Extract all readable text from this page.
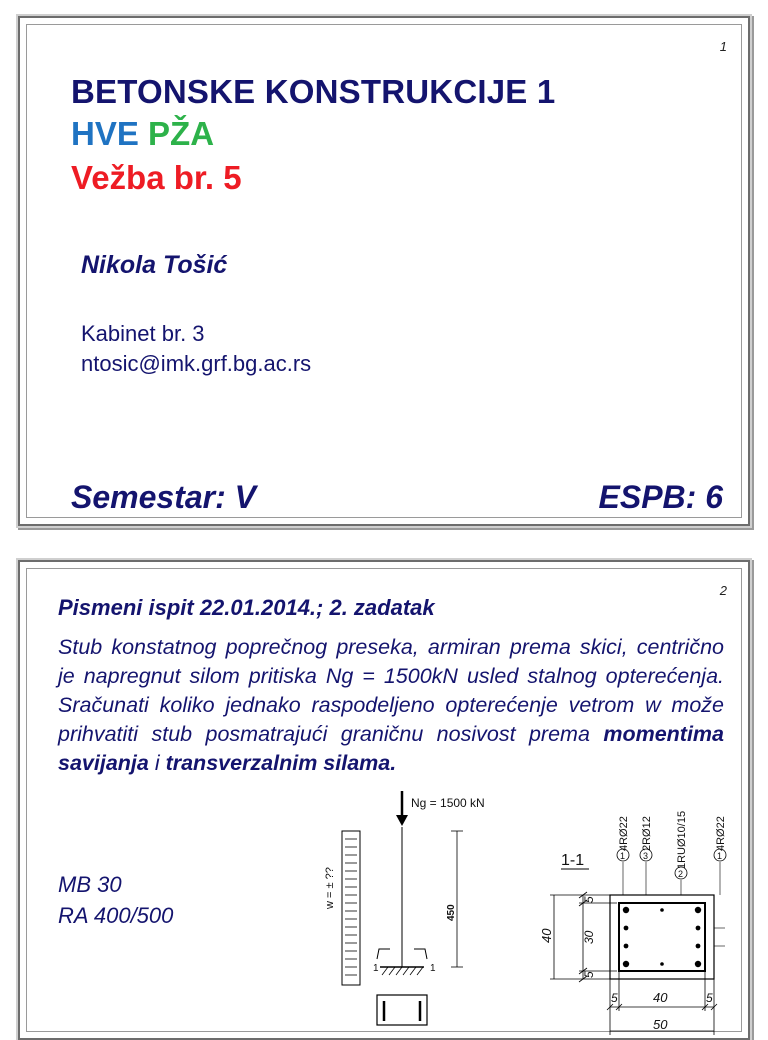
1
BETONSKE KONSTRUKCIJE 1
HVE PŽA
Vežba br. 5
Nikola Tošić
Kabinet br. 3
ntosic@imk.grf.bg.ac.rs
Semestar: V	ESPB: 6
2
Pismeni ispit 22.01.2014.; 2. zadatak
Stub konstatnog poprečnog preseka, armiran prema skici, centrično je napregnut silom pritiska Ng = 1500kN usled stalnog opterećenja. Sračunati koliko jednako raspodeljeno opterećenje vetrom w može prihvatiti stub posmatrajući graničnu nosivost prema momentima savijanja i transverzalnim silama.
MB 30
RA 400/500
Ng = 1500 kN
w = ± ??
450
1	1
1-1
4RØ22 2RØ12 1RUØ10/15 4RØ22
1 3
2
1
40
5
30
5
5	40	5
50
